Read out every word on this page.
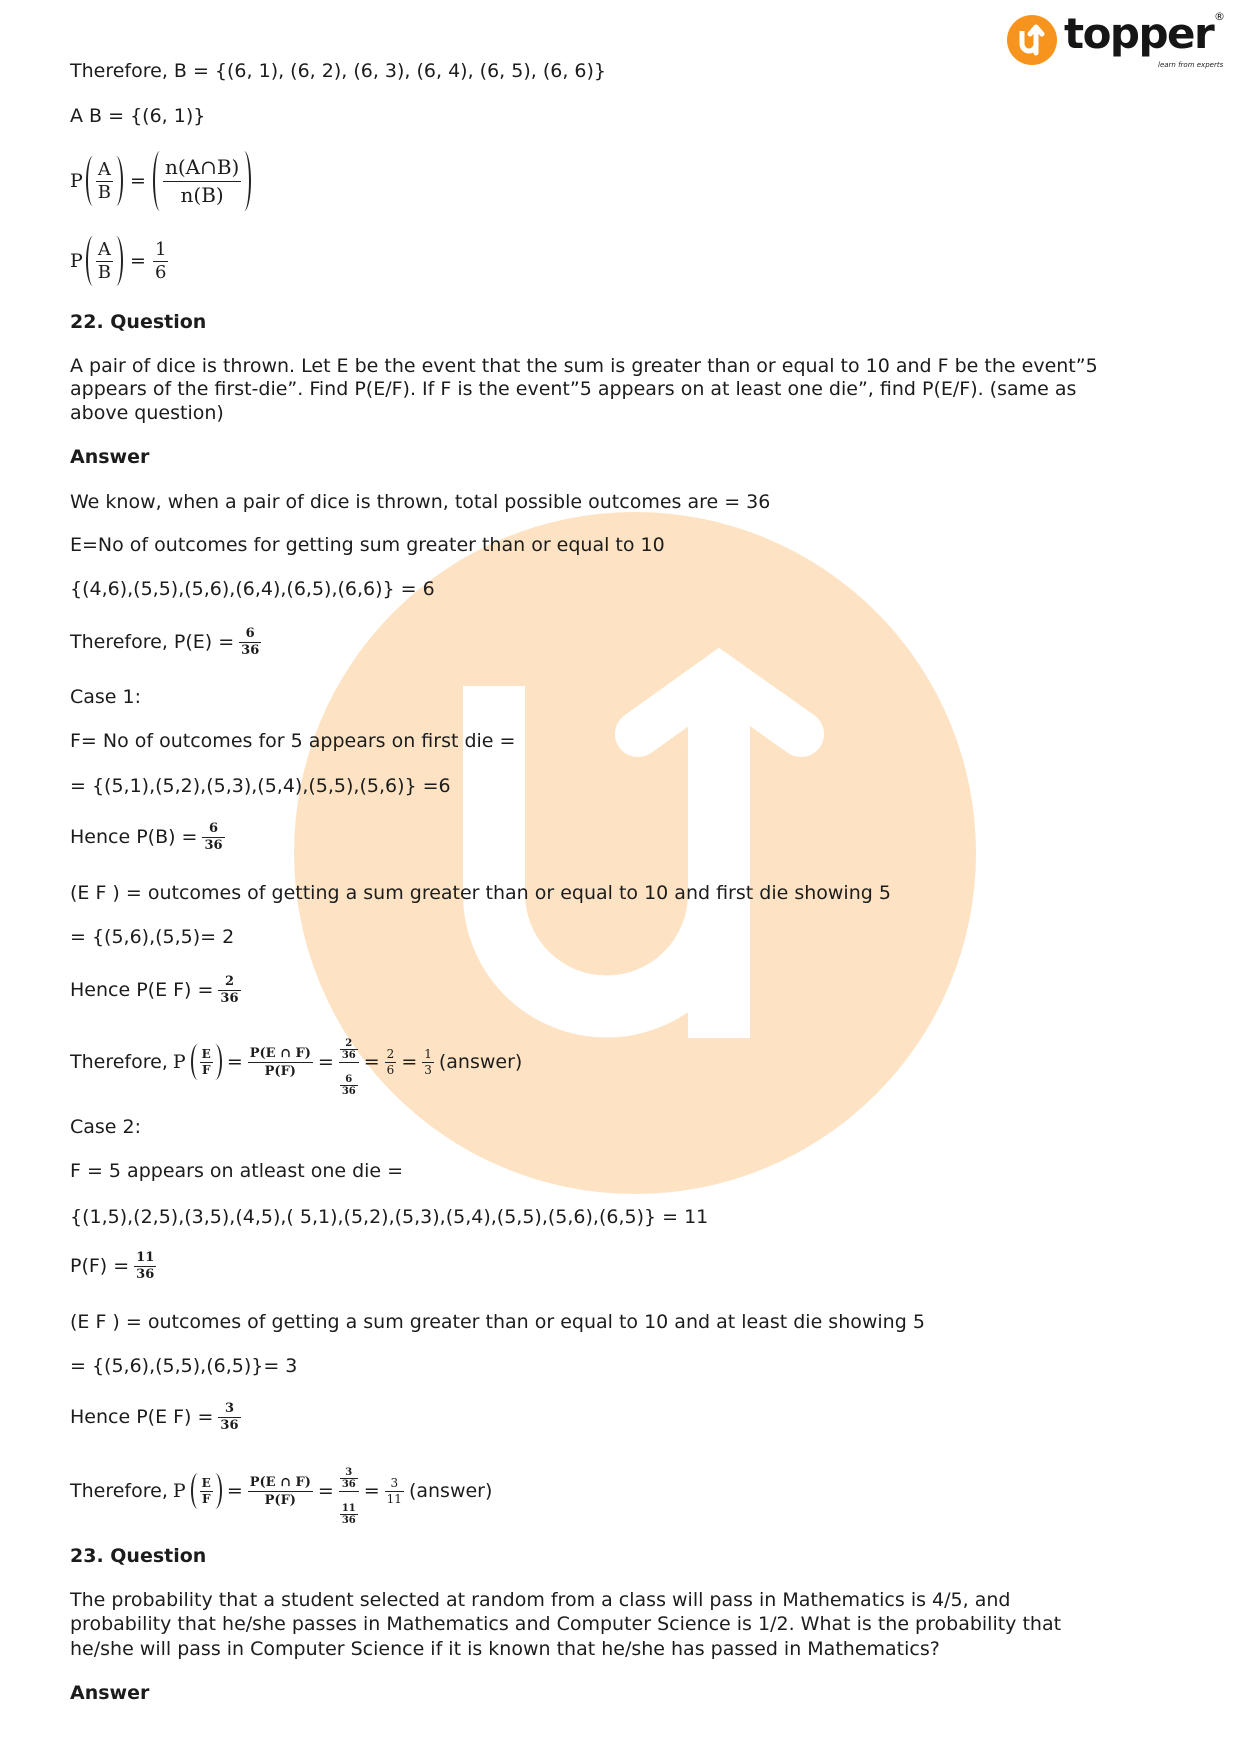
topper ®
learn from experts
Therefore, B = {(6, 1), (6, 2), (6, 3), (6, 4), (6, 5), (6, 6)}
A B = {(6, 1)}
P $\frac{A}{B} = \frac{n(A\cap B)}{n(B)}$
P $\frac{A}{B} = \frac{1}{6}$
22. Question
A pair of dice is thrown. Let E be the event that the sum is greater than or equal to 10 and F be the event”5
appears of the first-die”. Find P(E/F). If F is the event”5 appears on at least one die”, find P(E/F). (same as
above question)
Answer
We know, when a pair of dice is thrown, total possible outcomes are = 36
E=No of outcomes for getting sum greater than or equal to 10
{(4,6),(5,5),(5,6),(6,4),(6,5),(6,6)} = 6
Therefore, $P(E) = \frac{6}{36}$
Case 1:
F= No of outcomes for 5 appears on first die =
= {(5,1),(5,2),(5,3),(5,4),(5,5),(5,6)} =6
Hence $P(B) = \frac{6}{36}$
(E F ) = outcomes of getting a sum greater than or equal to 10 and first die showing 5
= {(5,6),(5,5)= 2
Hence P(E $F) = \frac{2}{36}$
Therefore, P $\frac{E}{F} = \frac{P(E \cap F)}{P(F)} = \frac{\frac{2}{36}}{\frac{6}{36}} = \frac{2}{6} = \frac{1}{3}$ (answer)
Case 2:
F = 5 appears on atleast one die =
{(1,5),(2,5),(3,5),(4,5),( 5,1),(5,2),(5,3),(5,4),(5,5),(5,6),(6,5)} = 11
$P(F) = \frac{11}{36}$
(E F ) = outcomes of getting a sum greater than or equal to 10 and at least die showing 5
= {(5,6),(5,5),(6,5)}= 3
Hence P(E $F) = \frac{3}{36}$
Therefore, P $\frac{E}{F} = \frac{P(E \cap F)}{P(F)} = \frac{\frac{3}{36}}{\frac{11}{36}} = \frac{3}{11}$ (answer)
23. Question
The probability that a student selected at random from a class will pass in Mathematics is 4/5, and
probability that he/she passes in Mathematics and Computer Science is 1/2. What is the probability that
he/she will pass in Computer Science if it is known that he/she has passed in Mathematics?
Answer
